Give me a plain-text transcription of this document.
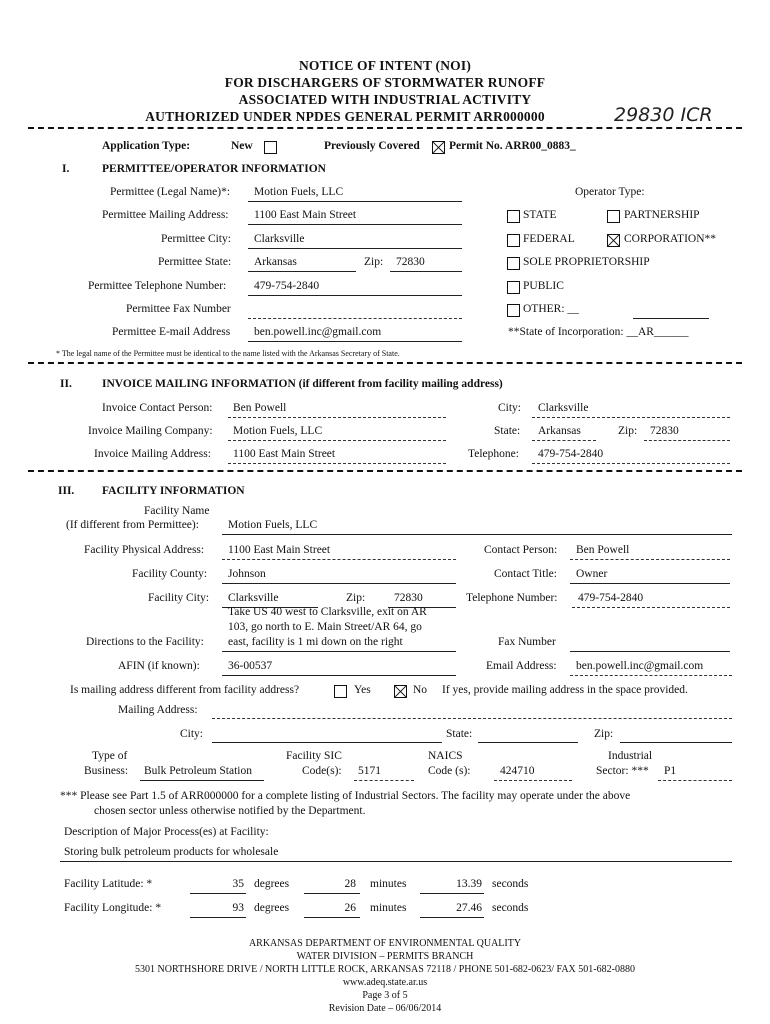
NOTICE OF INTENT (NOI)
FOR DISCHARGERS OF STORMWATER RUNOFF
ASSOCIATED WITH INDUSTRIAL ACTIVITY
AUTHORIZED UNDER NPDES GENERAL PERMIT ARR000000	29830 ICR
Application Type:	New	Previously Covered	Permit No. ARR00_0883_
I.	PERMITTEE/OPERATOR INFORMATION
Permittee (Legal Name)*: Motion Fuels, LLC	Operator Type:
Permittee Mailing Address: 1100 East Main Street	STATE	PARTNERSHIP
Permittee City: Clarksville	FEDERAL	CORPORATION**
Permittee State: Arkansas	Zip: 72830	SOLE PROPRIETORSHIP
Permittee Telephone Number: 479-754-2840	PUBLIC
Permittee Fax Number	OTHER: __
Permittee E-mail Address ben.powell.inc@gmail.com	**State of Incorporation: __AR______
* The legal name of the Permittee must be identical to the name listed with the Arkansas Secretary of State.
II.	INVOICE MAILING INFORMATION (if different from facility mailing address)
Invoice Contact Person: Ben Powell	City: Clarksville
Invoice Mailing Company: Motion Fuels, LLC	State: Arkansas	Zip: 72830
Invoice Mailing Address: 1100 East Main Street	Telephone: 479-754-2840
III. FACILITY INFORMATION
Facility Name
(If different from Permittee):	Motion Fuels, LLC
Facility Physical Address: 1100 East Main Street	Contact Person: Ben Powell
Facility County: Johnson	Contact Title: Owner
Facility City: Clarksville	Zip:	72830	Telephone Number: 479-754-2840
Take US 40 west to Clarksville, exit on AR
103, go north to E. Main Street/AR 64, go
Directions to the Facility: east, facility is 1 mi down on the right	Fax Number
AFIN (if known): 36-00537	Email Address: ben.powell.inc@gmail.com
Is mailing address different from facility address?	Yes	No If yes, provide mailing address in the space provided.
Mailing Address:
City:	State:	Zip:
Type of
Business: Bulk Petroleum Station
Facility SIC
Code(s): 5171
NAICS
Code (s):	424710
Industrial
Sector: *** P1
*** Please see Part 1.5 of ARR000000 for a complete listing of Industrial Sectors. The facility may operate under the above
chosen sector unless otherwise notified by the Department.
Description of Major Process(es) at Facility:
Storing bulk petroleum products for wholesale
Facility Latitude: *	35 degrees	28 minutes	13.39 seconds
Facility Longitude: *	93 degrees	26 minutes	27.46 seconds
ARKANSAS DEPARTMENT OF ENVIRONMENTAL QUALITY
WATER DIVISION – PERMITS BRANCH
5301 NORTHSHORE DRIVE / NORTH LITTLE ROCK, ARKANSAS 72118 / PHONE 501-682-0623/ FAX 501-682-0880
www.adeq.state.ar.us
Page 3 of 5
Revision Date – 06/06/2014
